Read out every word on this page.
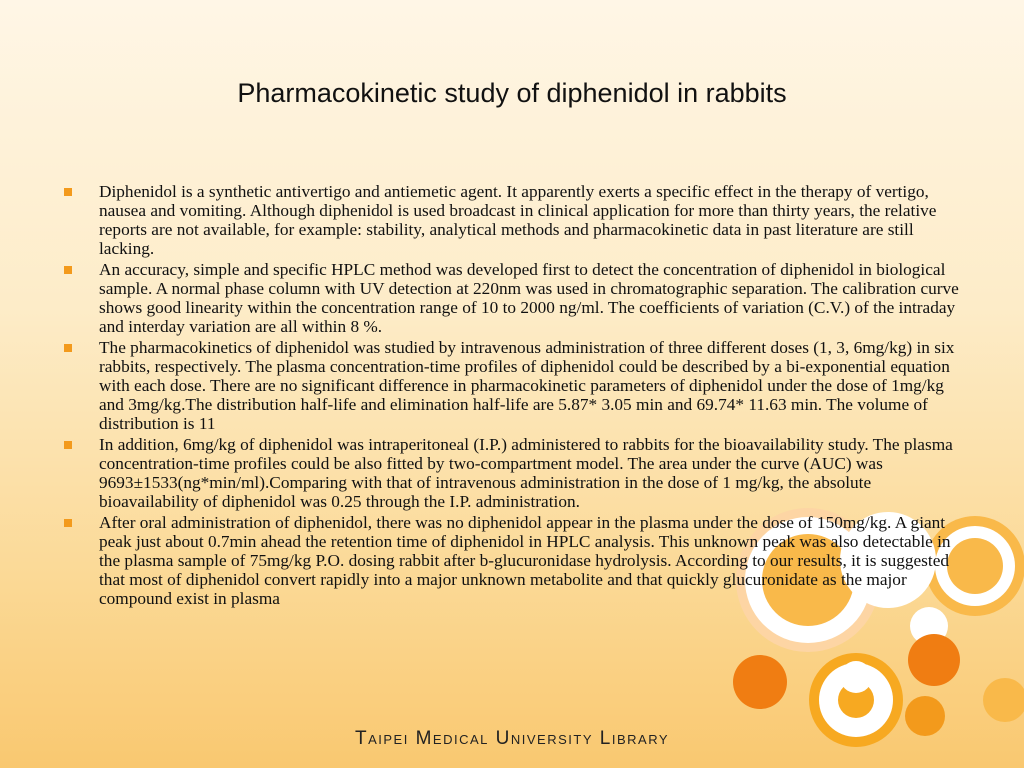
Pharmacokinetic study of diphenidol in rabbits
Diphenidol is a synthetic antivertigo and antiemetic agent. It apparently exerts a specific effect in the therapy of vertigo, nausea and vomiting. Although diphenidol is used broadcast in clinical application for more than thirty years, the relative reports are not available, for example: stability, analytical methods and pharmacokinetic data in past literature are still lacking.
An accuracy, simple and specific HPLC method was developed first to detect the concentration of diphenidol in biological sample. A normal phase column with UV detection at 220nm was used in chromatographic separation. The calibration curve shows good linearity within the concentration range of 10 to 2000 ng/ml. The coefficients of variation (C.V.) of the intraday and interday variation are all within 8 %.
The pharmacokinetics of diphenidol was studied by intravenous administration of three different doses (1, 3, 6mg/kg) in six rabbits, respectively. The plasma concentration-time profiles of diphenidol could be described by a bi-exponential equation with each dose. There are no significant difference in pharmacokinetic parameters of diphenidol under the dose of 1mg/kg and 3mg/kg.The distribution half-life and elimination half-life are 5.87* 3.05 min and 69.74* 11.63 min. The volume of distribution is 11
In addition, 6mg/kg of diphenidol was intraperitoneal (I.P.) administered to rabbits for the bioavailability study. The plasma concentration-time profiles could be also fitted by two-compartment model. The area under the curve (AUC) was 9693±1533(ng*min/ml).Comparing with that of intravenous administration in the dose of 1 mg/kg, the absolute bioavailability of diphenidol was 0.25 through the I.P. administration.
After oral administration of diphenidol, there was no diphenidol appear in the plasma under the dose of 150mg/kg. A giant peak just about 0.7min ahead the retention time of diphenidol in HPLC analysis. This unknown peak was also detectable in the plasma sample of 75mg/kg P.O. dosing rabbit after b-glucuronidase hydrolysis. According to our results, it is suggested that most of diphenidol convert rapidly into a major unknown metabolite and that quickly glucuronidate as the major compound exist in plasma
Taipei Medical University Library
